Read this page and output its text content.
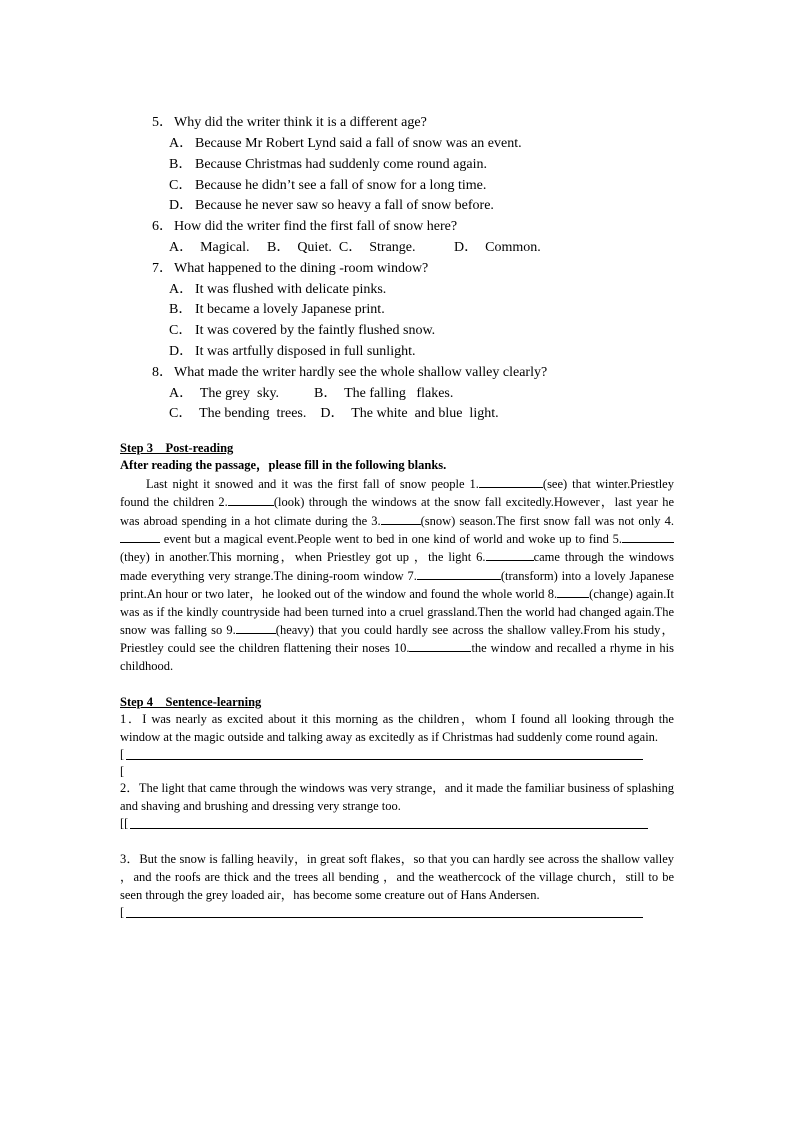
5．Why did the writer think it is a different age?
A． Because Mr Robert Lynd said a fall of snow was an event.
B． Because Christmas had suddenly come round again.
C． Because he didn’t see a fall of snow for a long time.
D． Because he never saw so heavy a fall of snow before.
6．How did the writer find the first fall of snow here?
A．  Magical.     B．  Quiet.  C．  Strange.           D．  Common.
7．What happened to the dining -room window?
A． It was flushed with delicate pinks.
B． It became a lovely Japanese print.
C． It was covered by the faintly flushed snow.
D． It was artfully disposed in full sunlight.
8．What made the writer hardly see the whole shallow valley clearly?
A．  The grey  sky.          B．  The falling   flakes.
C．  The bending  trees.    D．  The white  and blue  light.
Step 3    Post-reading
After reading the passage，please fill in the following blanks.

Last night it snowed and it was the first fall of snow people 1.	(see) that winter.Priestley found the children 2.	(look) through the windows at the snow fall excitedly.However，last year he was abroad spending in a hot climate during the 3.	(snow) season.The first snow fall was not only 4. event but a magical event.People went to bed in one kind of world and woke up to find 5.(they) in another.This morning，when Priestley got up ，the light 6.	came through the windows made everything very strange.The dining-room window 7.	(transform) into a lovely Japanese print.An hour or two later，he looked out of the window and found the whole world 8.	(change) again.It was as if the kindly countryside had been turned into a cruel grassland.Then the world had changed again.The snow was falling so 9.	(heavy) that you could hardly see across the shallow valley.From his study，Priestley could see the children flattening their noses 10.	the window and recalled a rhyme in his childhood.

Step 4    Sentence-learning

1．I was nearly as excited about it this morning as the children，whom I found all looking through the window at the magic outside and talking away as excitedly as if Christmas had suddenly come round again.

[
[

2．The light that came through the windows was very strange，and it made the familiar business of splashing and shaving and brushing and dressing very strange too.

[[

3．But the snow is falling heavily，in great soft flakes，so that you can hardly see across the shallow valley ，and the roofs are thick and the trees all bending ，and the weathercock of the village church，still to be seen through the grey loaded air，has become some creature out of Hans Andersen.

[
